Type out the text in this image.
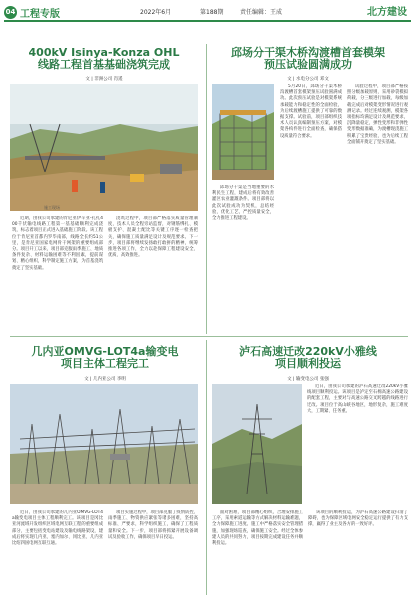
04 工程专版	2022年6月	第188期	责任编辑：王成	北方建设
400kV Isinya-Konza OHL
线路工程首基基础浇筑完成
文 | 非洲公司 肖遥
施工现场

近期，由我公司承建的肯尼亚伊辛亚-孔扎400千伏输电线路工程第一基基础顺利完成浇筑，标志着项目正式进入基础施工阶段。该工程位于肯尼亚首都内罗毕南部，线路全长约51公里，是肯尼亚国家电网骨干网架的重要组成部分。项目开工以来，项目部克服雨季施工、地质条件复杂、材料运输困难等不利因素，提前谋划、精心组织，科学制定施工方案，为首基浇筑奠定了坚实基础。

浇筑过程中，项目部严格落实质量管理制度，技术人员全程旁站监督，对钢筋绑扎、模板支护、混凝土配比等关键工序逐一检查把关，确保施工质量满足设计及规范要求。下一步，项目部将继续发扬敢打敢拼的精神，统筹推进各项工作，全力以赴保障工程建设安全、优质、高效推进。

邱场分干渠木桥沟渡槽首套模架
预压试验圆满成功
文 | 水电分公司 邓文

5月20日，邱场分干渠木桥沟渡槽首套模架预压试验圆满成功。此次预压试验是对模架系统承载能力和稳定性的全面检验，为后续渡槽施工提供了可靠的数据支撑。试验前，项目部组织技术人员认真编制预压方案，对模架各构件进行全面检查，确保搭设质量符合要求。

试验过程中，项目部严格按照分级加载原则，采用砂袋模拟荷载，分三级进行加载，每级加载完成后对模架变形情况进行观测记录。经过连续观测，模架各项指标均满足设计及规范要求，沉降量稳定，弹性变形和非弹性变形数据准确，为渡槽现浇施工积累了宝贵经验，也为后续工程全面铺开奠定了坚实基础。

邱场分干渠是当地重要的水利民生工程，建成后将有效改善灌区农业灌溉条件。项目部将以此次试验成功为契机，总结经验，优化工艺，严控质量安全，全力推进工程建设。

几内亚OMVG-LOT4a输变电
项目主体工程完工
文 | 几内亚公司 李明

近日，由我公司承建的几内亚OMVG-LOT4a输变电项目主体工程顺利完工。该项目是冈比亚河流域开发组织区域电网互联工程的重要组成部分，主要包括变电站建设及输电线路架设，建成后将实现几内亚、塞内加尔、冈比亚、几内亚比绍四国电网互联互通。

项目实施过程中，项目部克服了疫情防控、雨季施工、物资供应紧张等诸多困难，坚持高标准、严要求，科学组织施工，确保了工程质量和安全。下一步，项目部将抓紧开展设备调试及验收工作，确保项目早日投运。

泸石高速迁改220kV小雅线
项目顺利投运
文 | 输变电公司 张强

近日，由我公司承建的泸石高速迁改220kV小雅线项目顺利投运。该项目是泸定至石棉高速公路建设的配套工程，主要对与高速公路交叉跨越的线路进行迁改。项目位于高山峡谷地区，地形复杂，施工难度大，工期紧、任务重。

面对困难，项目部精心组织，合理安排施工工序，采用索道运输等方式解决材料运输难题，全力保障施工进度。施工中严格落实安全管理措施，加强现场巡查，确保施工安全。经过全体参建人员的共同努力，项目按期完成建设任务并顺利投运。

该项目的顺利投运，为泸石高速公路建设扫清了障碍，也为保障区域电网安全稳定运行提供了有力支撑，赢得了业主及各方的一致好评。
